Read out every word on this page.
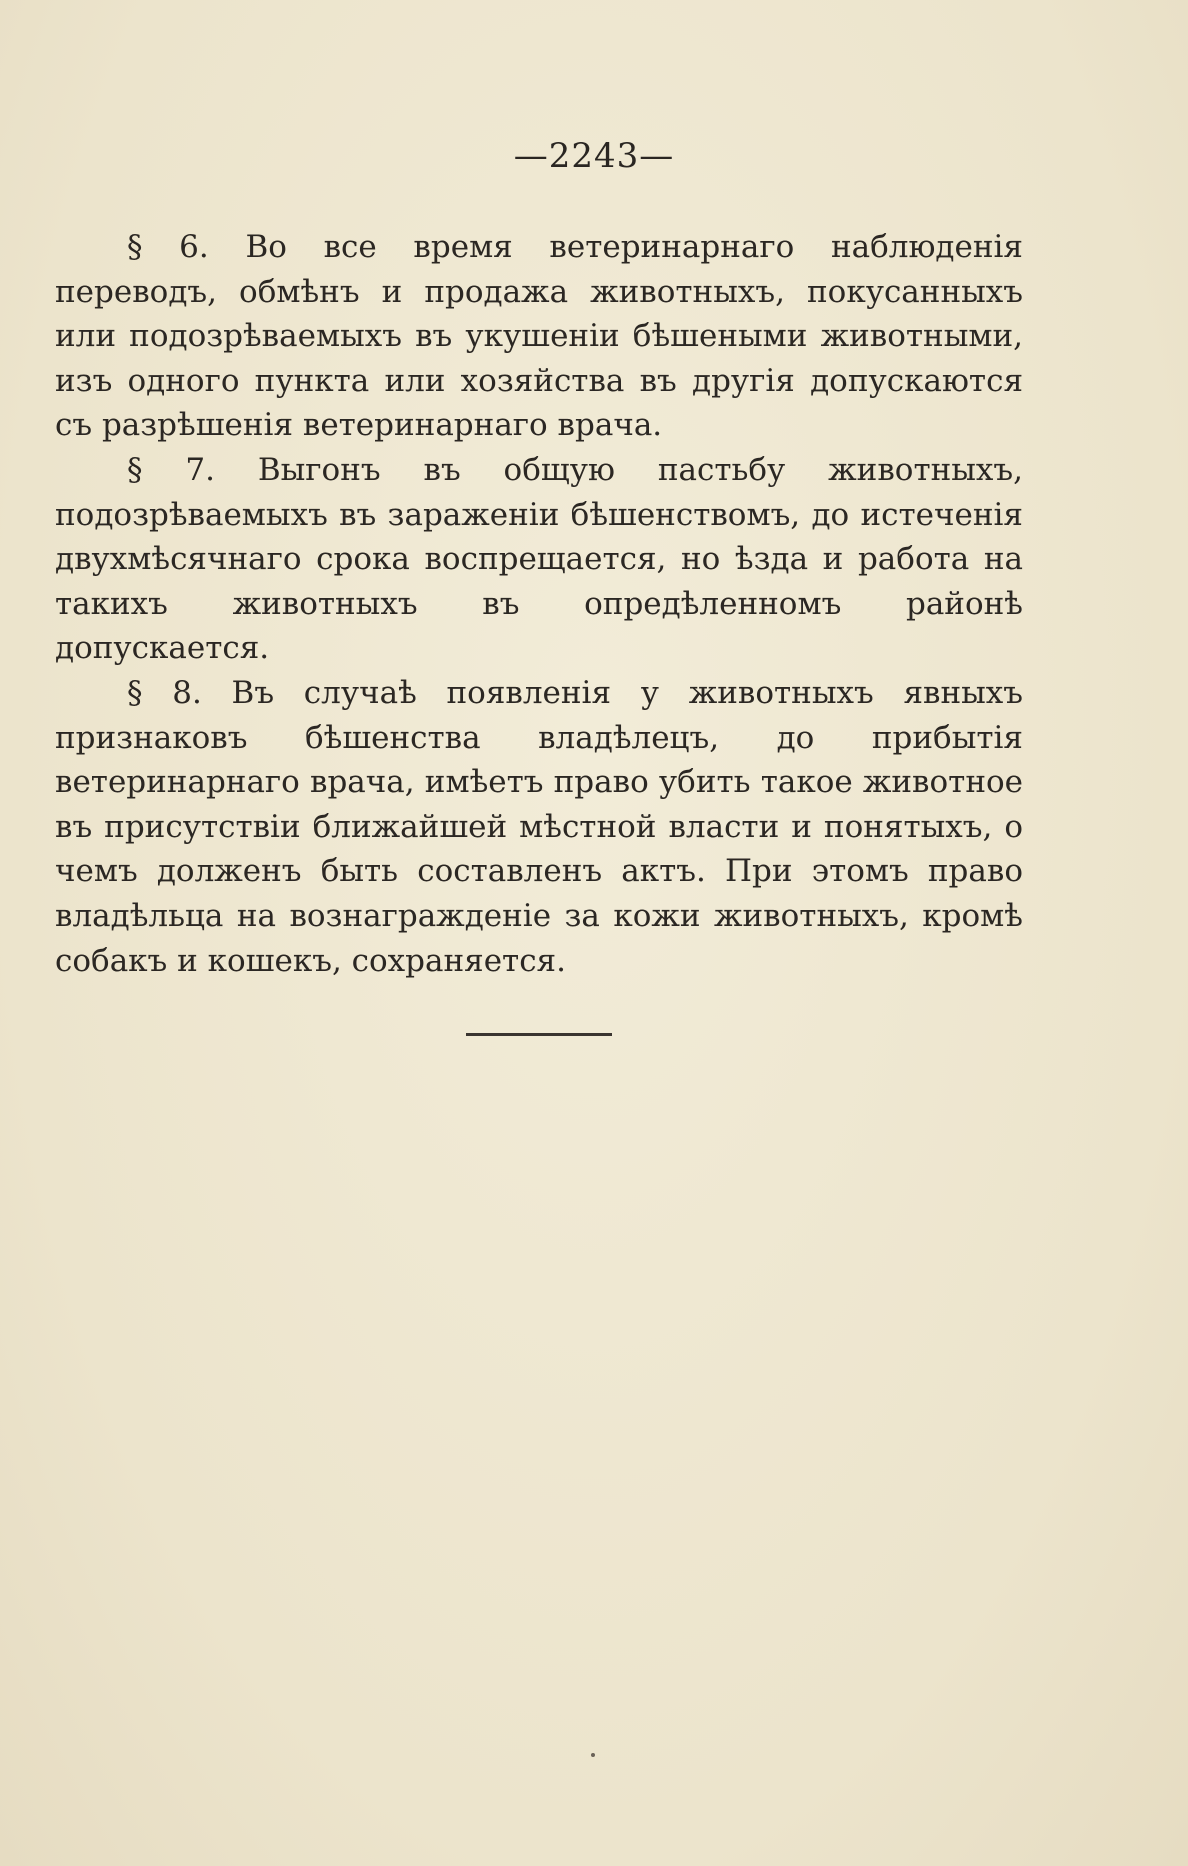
—2243—

§ 6. Во все время ветеринарнаго наблюденія переводъ, обмѣнъ и продажа животныхъ, покусанныхъ или подозрѣваемыхъ въ укушеніи бѣшеными животными, изъ одного пункта или хозяйства въ другія допускаются съ разрѣшенія ветеринарнаго врача.

§ 7. Выгонъ въ общую пастьбу животныхъ, подозрѣваемыхъ въ зараженіи бѣшенствомъ, до истеченія двухмѣсячнаго срока воспрещается, но ѣзда и работа на такихъ животныхъ въ опредѣленномъ районѣ допускается.

§ 8. Въ случаѣ появленія у животныхъ явныхъ признаковъ бѣшенства владѣлецъ, до прибытія ветеринарнаго врача, имѣетъ право убить такое животное въ присутствіи ближайшей мѣстной власти и понятыхъ, о чемъ долженъ быть составленъ актъ. При этомъ право владѣльца на вознагражденіе за кожи животныхъ, кромѣ собакъ и кошекъ, сохраняется.
